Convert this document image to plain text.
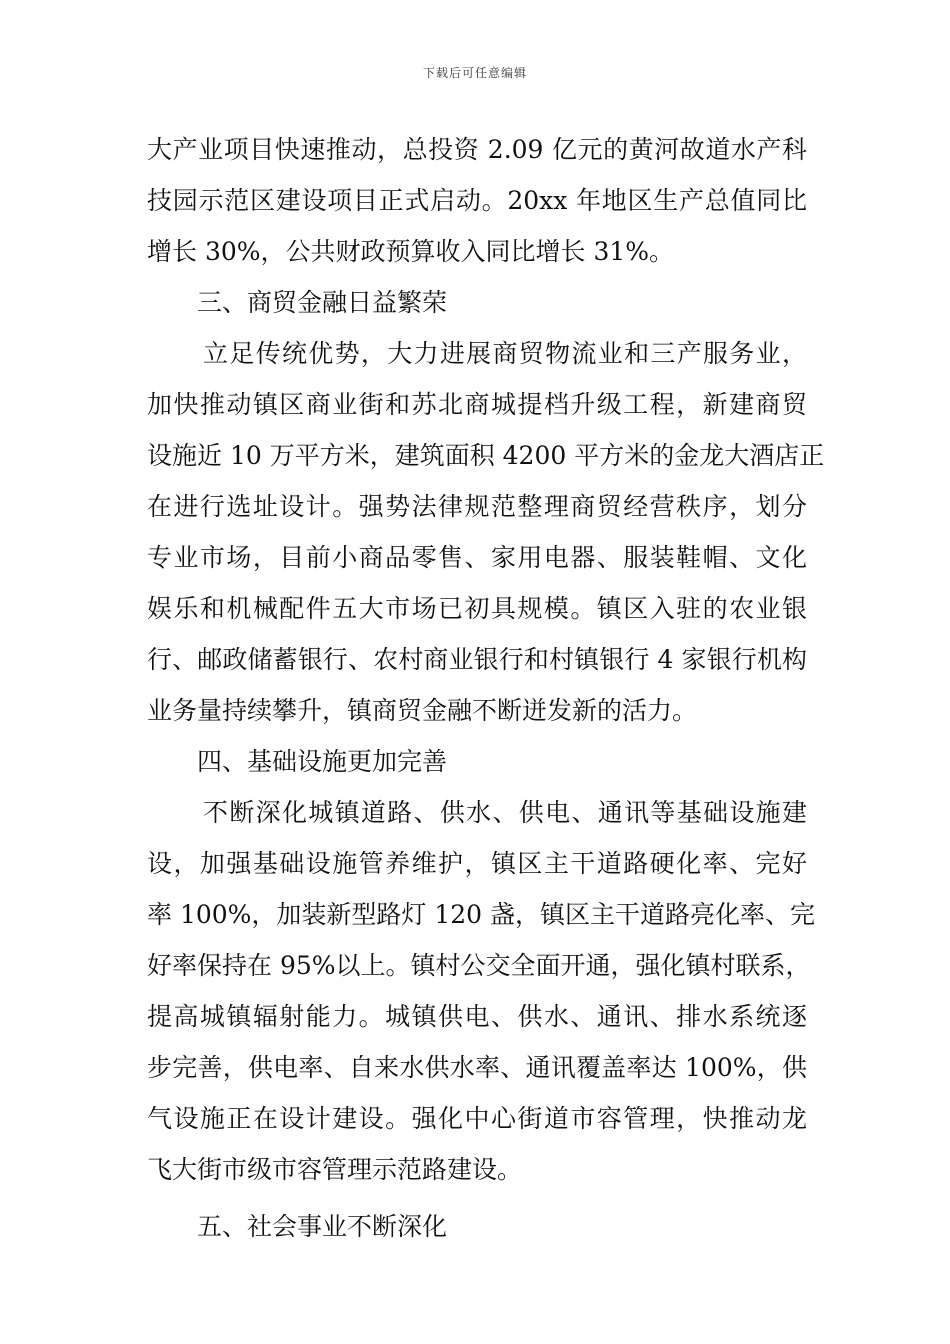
下载后可任意编辑
大产业项目快速推动，总投资 2.09 亿元的黄河故道水产科
技园示范区建设项目正式启动。20xx 年地区生产总值同比
增长 30%，公共财政预算收入同比增长 31%。
三、商贸金融日益繁荣
立足传统优势，大力进展商贸物流业和三产服务业，
加快推动镇区商业街和苏北商城提档升级工程，新建商贸
设施近 10 万平方米，建筑面积 4200 平方米的金龙大酒店正
在进行选址设计。强势法律规范整理商贸经营秩序，划分
专业市场，目前小商品零售、家用电器、服装鞋帽、文化
娱乐和机械配件五大市场已初具规模。镇区入驻的农业银
行、邮政储蓄银行、农村商业银行和村镇银行 4 家银行机构
业务量持续攀升，镇商贸金融不断迸发新的活力。
四、基础设施更加完善
不断深化城镇道路、供水、供电、通讯等基础设施建
设，加强基础设施管养维护，镇区主干道路硬化率、完好
率 100%，加装新型路灯 120 盏，镇区主干道路亮化率、完
好率保持在 95%以上。镇村公交全面开通，强化镇村联系，
提高城镇辐射能力。城镇供电、供水、通讯、排水系统逐
步完善，供电率、自来水供水率、通讯覆盖率达 100%，供
气设施正在设计建设。强化中心街道市容管理，快推动龙
飞大街市级市容管理示范路建设。
五、社会事业不断深化
